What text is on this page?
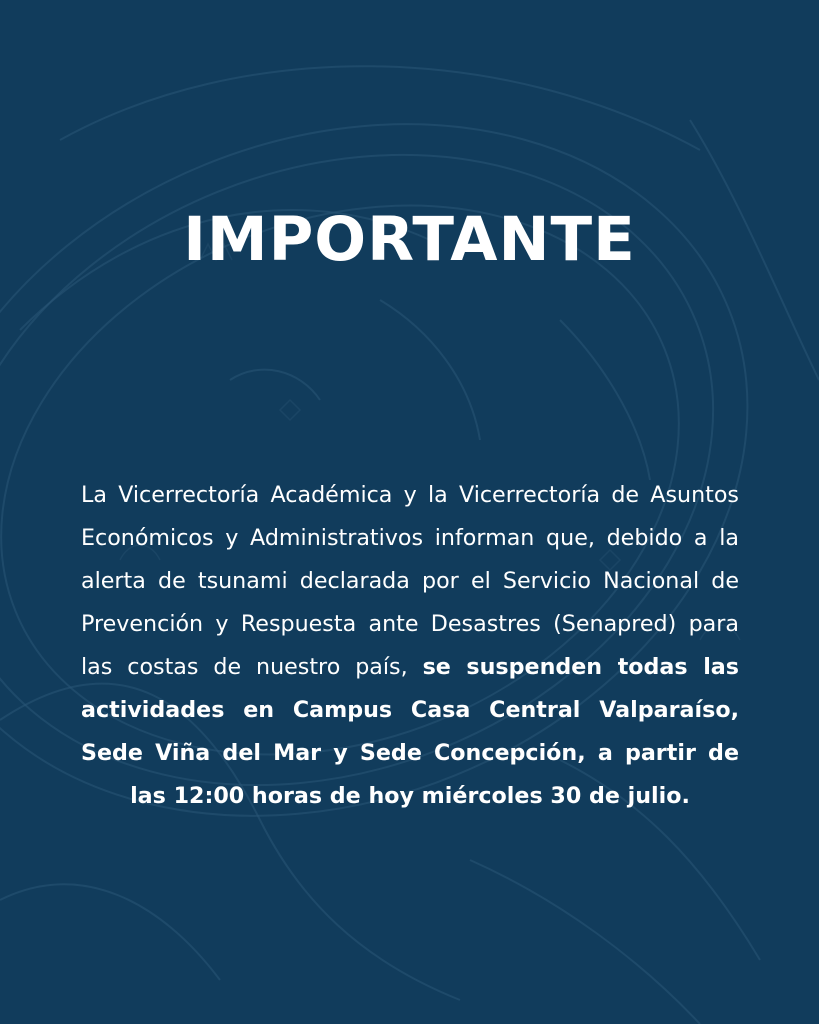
IMPORTANTE

La Vicerrectoría Académica y la Vicerrectoría de Asuntos Económicos y Administrativos informan que, debido a la alerta de tsunami declarada por el Servicio Nacional de Prevención y Respuesta ante Desastres (Senapred) para las costas de nuestro país, se suspenden todas las actividades en Campus Casa Central Valparaíso, Sede Viña del Mar y Sede Concepción, a partir de las 12:00 horas de hoy miércoles 30 de julio.
